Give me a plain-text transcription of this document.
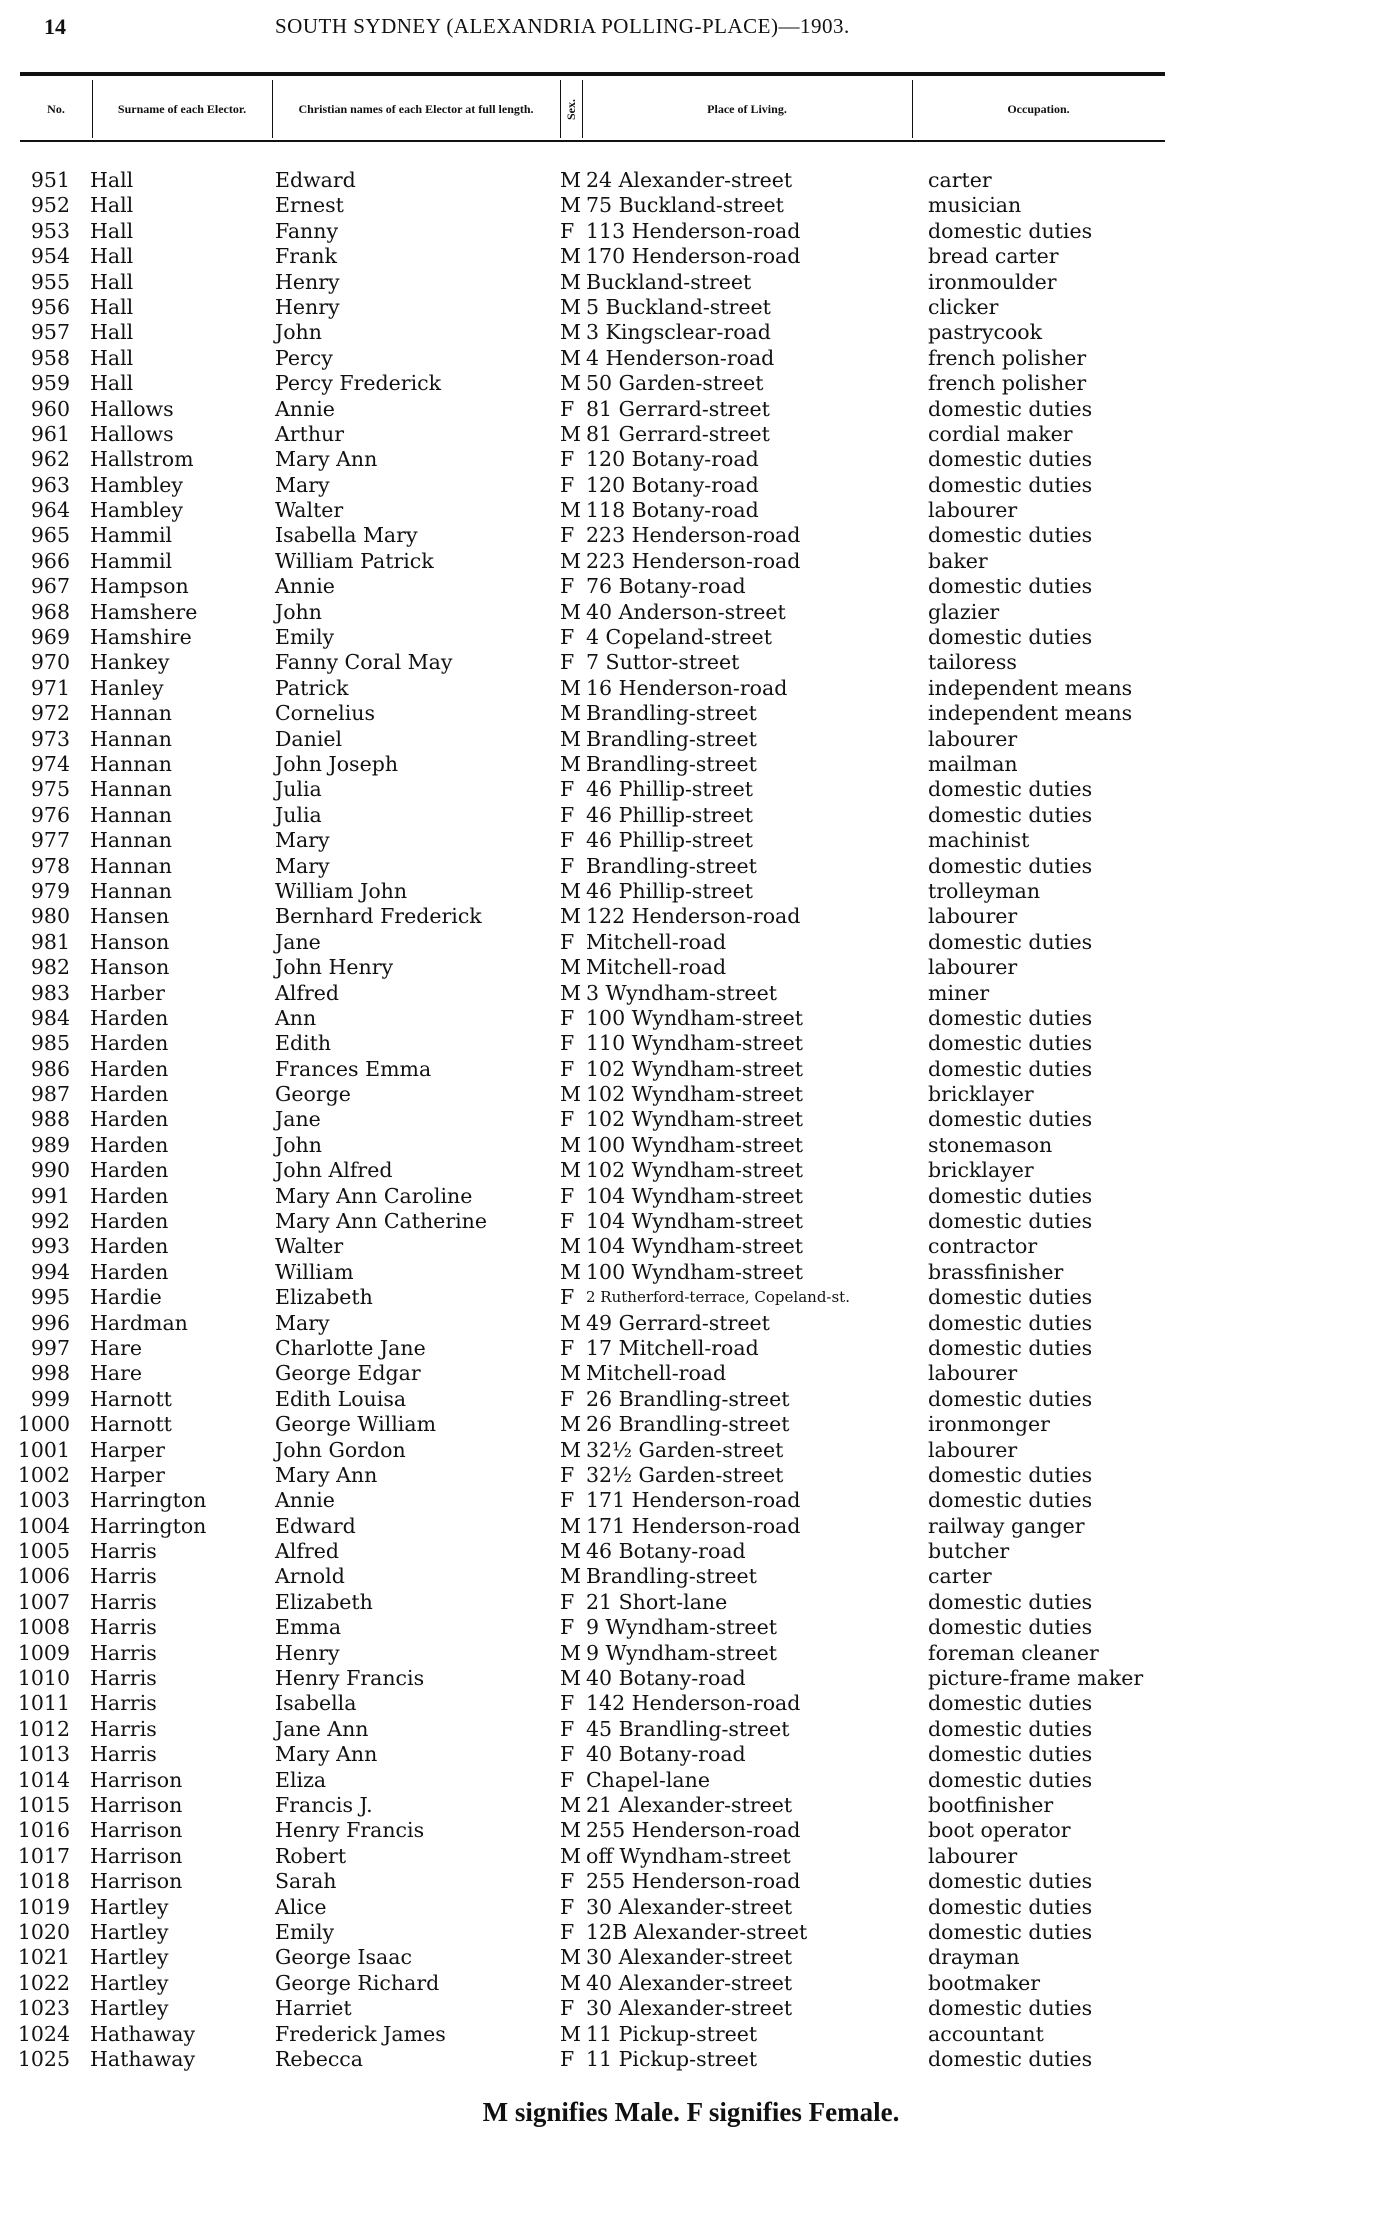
14	SOUTH SYDNEY (ALEXANDRIA POLLING-PLACE)—1903.
No.	Surname of each Elector.	Christian names of each Elector at full length.	Sex.	Place of Living.	Occupation.
951 Hall	Edward	M 24 Alexander-street	carter
952 Hall	Ernest	M 75 Buckland-street	musician
953 Hall	Fanny	F 113 Henderson-road	domestic duties
954 Hall	Frank	M 170 Henderson-road	bread carter
955 Hall	Henry	M Buckland-street	ironmoulder
956 Hall	Henry	M 5 Buckland-street	clicker
957 Hall	John	M 3 Kingsclear-road	pastrycook
958 Hall	Percy	M 4 Henderson-road	french polisher
959 Hall	Percy Frederick	M 50 Garden-street	french polisher
960 Hallows	Annie	F 81 Gerrard-street	domestic duties
961 Hallows	Arthur	M 81 Gerrard-street	cordial maker
962 Hallstrom	Mary Ann	F 120 Botany-road	domestic duties
963 Hambley	Mary	F 120 Botany-road	domestic duties
964 Hambley	Walter	M 118 Botany-road	labourer
965 Hammil	Isabella Mary	F 223 Henderson-road	domestic duties
966 Hammil	William Patrick	M 223 Henderson-road	baker
967 Hampson	Annie	F 76 Botany-road	domestic duties
968 Hamshere	John	M 40 Anderson-street	glazier
969 Hamshire	Emily	F 4 Copeland-street	domestic duties
970 Hankey	Fanny Coral May	F 7 Suttor-street	tailoress
971 Hanley	Patrick	M 16 Henderson-road	independent means
972 Hannan	Cornelius	M Brandling-street	independent means
973 Hannan	Daniel	M Brandling-street	labourer
974 Hannan	John Joseph	M Brandling-street	mailman
975 Hannan	Julia	F 46 Phillip-street	domestic duties
976 Hannan	Julia	F 46 Phillip-street	domestic duties
977 Hannan	Mary	F 46 Phillip-street	machinist
978 Hannan	Mary	F Brandling-street	domestic duties
979 Hannan	William John	M 46 Phillip-street	trolleyman
980 Hansen	Bernhard Frederick	M 122 Henderson-road	labourer
981 Hanson	Jane	F Mitchell-road	domestic duties
982 Hanson	John Henry	M Mitchell-road	labourer
983 Harber	Alfred	M 3 Wyndham-street	miner
984 Harden	Ann	F 100 Wyndham-street	domestic duties
985 Harden	Edith	F 110 Wyndham-street	domestic duties
986 Harden	Frances Emma	F 102 Wyndham-street	domestic duties
987 Harden	George	M 102 Wyndham-street	bricklayer
988 Harden	Jane	F 102 Wyndham-street	domestic duties
989 Harden	John	M 100 Wyndham-street	stonemason
990 Harden	John Alfred	M 102 Wyndham-street	bricklayer
991 Harden	Mary Ann Caroline	F 104 Wyndham-street	domestic duties
992 Harden	Mary Ann Catherine	F 104 Wyndham-street	domestic duties
993 Harden	Walter	M 104 Wyndham-street	contractor
994 Harden	William	M 100 Wyndham-street	brassfinisher
995 Hardie	Elizabeth	F 2 Rutherford-terrace, Copeland-st.	domestic duties
996 Hardman	Mary	M 49 Gerrard-street	domestic duties
997 Hare	Charlotte Jane	F 17 Mitchell-road	domestic duties
998 Hare	George Edgar	M Mitchell-road	labourer
999 Harnott	Edith Louisa	F 26 Brandling-street	domestic duties
1000 Harnott	George William	M 26 Brandling-street	ironmonger
1001 Harper	John Gordon	M 32½ Garden-street	labourer
1002 Harper	Mary Ann	F 32½ Garden-street	domestic duties
1003 Harrington	Annie	F 171 Henderson-road	domestic duties
1004 Harrington	Edward	M 171 Henderson-road	railway ganger
1005 Harris	Alfred	M 46 Botany-road	butcher
1006 Harris	Arnold	M Brandling-street	carter
1007 Harris	Elizabeth	F 21 Short-lane	domestic duties
1008 Harris	Emma	F 9 Wyndham-street	domestic duties
1009 Harris	Henry	M 9 Wyndham-street	foreman cleaner
1010 Harris	Henry Francis	M 40 Botany-road	picture-frame maker
1011 Harris	Isabella	F 142 Henderson-road	domestic duties
1012 Harris	Jane Ann	F 45 Brandling-street	domestic duties
1013 Harris	Mary Ann	F 40 Botany-road	domestic duties
1014 Harrison	Eliza	F Chapel-lane	domestic duties
1015 Harrison	Francis J.	M 21 Alexander-street	bootfinisher
1016 Harrison	Henry Francis	M 255 Henderson-road	boot operator
1017 Harrison	Robert	M off Wyndham-street	labourer
1018 Harrison	Sarah	F 255 Henderson-road	domestic duties
1019 Hartley	Alice	F 30 Alexander-street	domestic duties
1020 Hartley	Emily	F 12B Alexander-street	domestic duties
1021 Hartley	George Isaac	M 30 Alexander-street	drayman
1022 Hartley	George Richard	M 40 Alexander-street	bootmaker
1023 Hartley	Harriet	F 30 Alexander-street	domestic duties
1024 Hathaway	Frederick James	M 11 Pickup-street	accountant
1025 Hathaway	Rebecca	F 11 Pickup-street	domestic duties
M signifies Male. F signifies Female.
